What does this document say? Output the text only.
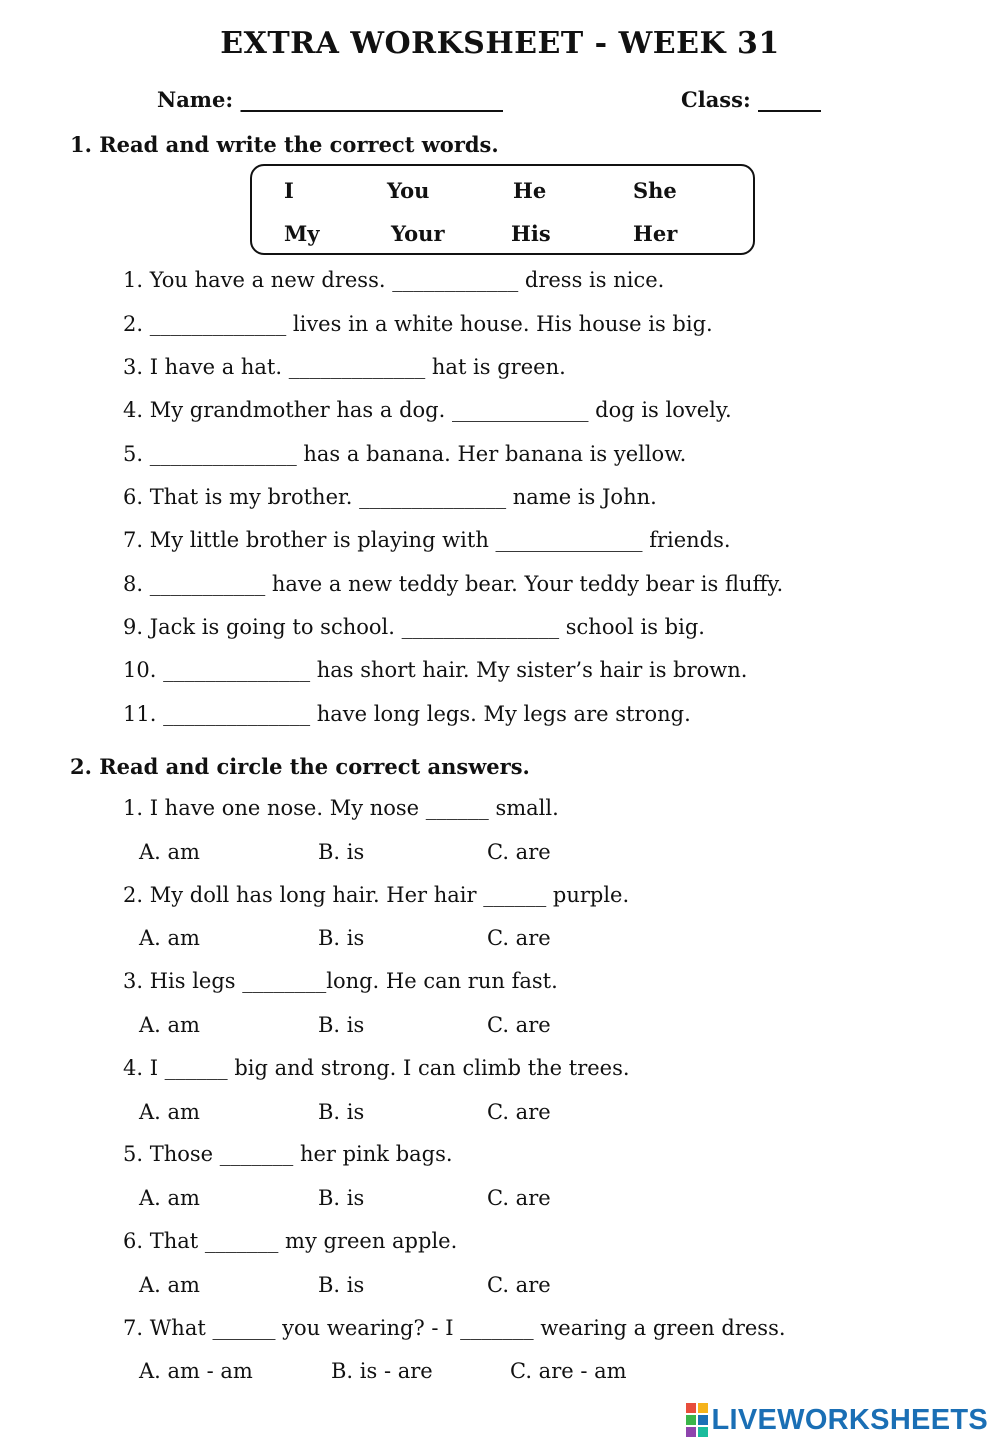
EXTRA WORKSHEET - WEEK 31
Name: _________________________	Class: ______
1. Read and write the correct words.
I	You	He	She
My	Your	His	Her
1. You have a new dress. ____________ dress is nice.
2. _____________ lives in a white house. His house is big.
3. I have a hat. _____________ hat is green.
4. My grandmother has a dog. _____________ dog is lovely.
5. ______________ has a banana. Her banana is yellow.
6. That is my brother. ______________ name is John.
7. My little brother is playing with ______________ friends.
8. ___________ have a new teddy bear. Your teddy bear is fluffy.
9. Jack is going to school. _______________ school is big.
10. ______________ has short hair. My sister’s hair is brown.
11. ______________ have long legs. My legs are strong.
2. Read and circle the correct answers.
1. I have one nose. My nose ______ small.
A. am	B. is	C. are
2. My doll has long hair. Her hair ______ purple.
A. am	B. is	C. are
3. His legs ________long. He can run fast.
A. am	B. is	C. are
4. I ______ big and strong. I can climb the trees.
A. am	B. is	C. are
5. Those _______ her pink bags.
A. am	B. is	C. are
6. That _______ my green apple.
A. am	B. is	C. are
7. What ______ you wearing? - I _______ wearing a green dress.
A. am - am	B. is - are	C. are - am
LIVEWORKSHEETS
